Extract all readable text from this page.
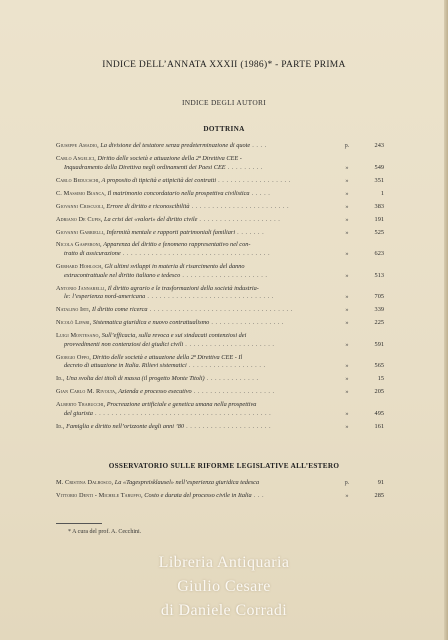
INDICE DELL’ANNATA XXXII (1986)* - PARTE PRIMA
INDICE DEGLI AUTORI
DOTTRINA
Giuseppe Amadio, La divisione del testatore senza predeterminazione di quote . . . .	p.	243
Carlo Angelici, Diritto delle società e attuazione della 2ª Direttiva CEE -
Inquadramento della Direttiva negli ordinamenti dei Paesi CEE . . . . . . . . .	»	549
Carlo Beducschi, A proposito di tipicità e atipicità dei contratti . . . . . . . . . . . . . . . . . .	»	351
C. Massimo Bianca, Il matrimonio concordatario nella prospettiva civilistica . . . . .	»	1
Giovanni Criscuoli, Errore di diritto e riconoscibilità . . . . . . . . . . . . . . . . . . . . . . . .	»	383
Adriano De Cupis, La crisi dei «valori» del diritto civile . . . . . . . . . . . . . . . . . . . .	»	191
Giovanni Gabrielli, Infermità mentale e rapporti patrimoniali familiari . . . . . . .	»	525
Nicola Gasperoni, Apparenza del diritto e fenomeno rappresentativo nel con-
tratto di assicurazione . . . . . . . . . . . . . . . . . . . . . . . . . . . . . . . . . . . .	»	623
Gerhard Hohloch, Gli ultimi sviluppi in materia di risarcimento del danno
extracontrattuale nel diritto italiano e tedesco . . . . . . . . . . . . . . . . . . . . .	»	513
Antonio Jannarelli, Il diritto agrario e le trasformazioni della società industria-
le: l’esperienza nord-americana . . . . . . . . . . . . . . . . . . . . . . . . . . . . . . .	»	705
Natalino Irti, Il diritto come ricerca . . . . . . . . . . . . . . . . . . . . . . . . . . . . . . . . . . .	»	339
Nicolò Lipari, Sistematica giuridica e nuovo contrattualismo . . . . . . . . . . . . . . . . . .	»	225
Luigi Montesano, Sull’efficacia, sulla revoca e sui sindacati contenziosi dei
provvedimenti non contenziosi dei giudici civili . . . . . . . . . . . . . . . . . . . . . .	»	591
Giorgio Oppo, Diritto delle società e attuazione della 2ª Direttiva CEE - Il
decreto di attuazione in Italia. Rilievi sistematici . . . . . . . . . . . . . . . . . . .	»	565
Id., Una svolta dei titoli di massa (il progetto Monte Titoli) . . . . . . . . . . . . .	»	15
Gian Carlo M. Rivolta, Azienda e processo esecutivo . . . . . . . . . . . . . . . . . . . .	»	205
Alberto Trabucchi, Procreazione artificiale e genetica umana nella prospettiva
del giurista . . . . . . . . . . . . . . . . . . . . . . . . . . . . . . . . . . . . . . . . . . .	»	495
Id., Famiglia e diritto nell’orizzonte degli anni ’80 . . . . . . . . . . . . . . . . . . . . .	»	161
OSSERVATORIO SULLE RIFORME LEGISLATIVE ALL’ESTERO
M. Cristina Dalbosco, La «Tagespreisklausel» nell’esperienza giuridica tedesca	p.	91
Vittorio Denti - Michele Taruffo, Costo e durata del processo civile in Italia . . .	»	285
* A cura del prof. A. Cecchini.
Libreria Antiquaria
Giulio Cesare
di Daniele Corradi
